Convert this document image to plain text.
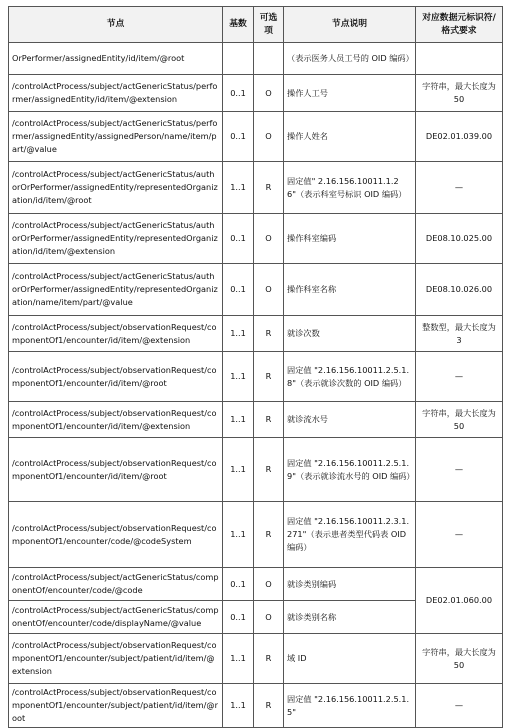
节点	基数	可选项	节点说明	对应数据元标识符/格式要求
OrPerformer/assignedEntity/id/item/@root			（表示医务人员工号的 OID 编码）	
/controlActProcess/subject/actGenericStatus/performer/assignedEntity/id/item/@extension	0..1	O	操作人工号	字符串，最大长度为 50
/controlActProcess/subject/actGenericStatus/performer/assignedEntity/assignedPerson/name/item/part/@value	0..1	O	操作人姓名	DE02.01.039.00
/controlActProcess/subject/actGenericStatus/authorOrPerformer/assignedEntity/representedOrganization/id/item/@root	1..1	R	固定值" 2.16.156.10011.1.26"（表示科室号标识 OID 编码）	—
/controlActProcess/subject/actGenericStatus/authorOrPerformer/assignedEntity/representedOrganization/id/item/@extension	0..1	O	操作科室编码	DE08.10.025.00
/controlActProcess/subject/actGenericStatus/authorOrPerformer/assignedEntity/representedOrganization/name/item/part/@value	0..1	O	操作科室名称	DE08.10.026.00
/controlActProcess/subject/observationRequest/componentOf1/encounter/id/item/@extension	1..1	R	就诊次数	整数型，最大长度为 3
/controlActProcess/subject/observationRequest/componentOf1/encounter/id/item/@root	1..1	R	固定值 "2.16.156.10011.2.5.1.8"（表示就诊次数的 OID 编码）	—
/controlActProcess/subject/observationRequest/componentOf1/encounter/id/item/@extension	1..1	R	就诊流水号	字符串，最大长度为 50
/controlActProcess/subject/observationRequest/componentOf1/encounter/id/item/@root	1..1	R	固定值 "2.16.156.10011.2.5.1.9"（表示就诊流水号的 OID 编码）	—
/controlActProcess/subject/observationRequest/componentOf1/encounter/code/@codeSystem	1..1	R	固定值 "2.16.156.10011.2.3.1.271"（表示患者类型代码表 OID 编码）	—
/controlActProcess/subject/actGenericStatus/componentOf/encounter/code/@code	0..1	O	就诊类别编码	DE02.01.060.00
/controlActProcess/subject/actGenericStatus/componentOf/encounter/code/displayName/@value	0..1	O	就诊类别名称	
/controlActProcess/subject/observationRequest/componentOf1/encounter/subject/patient/id/item/@extension	1..1	R	域 ID	字符串，最大长度为 50
/controlActProcess/subject/observationRequest/componentOf1/encounter/subject/patient/id/item/@root	1..1	R	固定值 "2.16.156.10011.2.5.1.5"	—
